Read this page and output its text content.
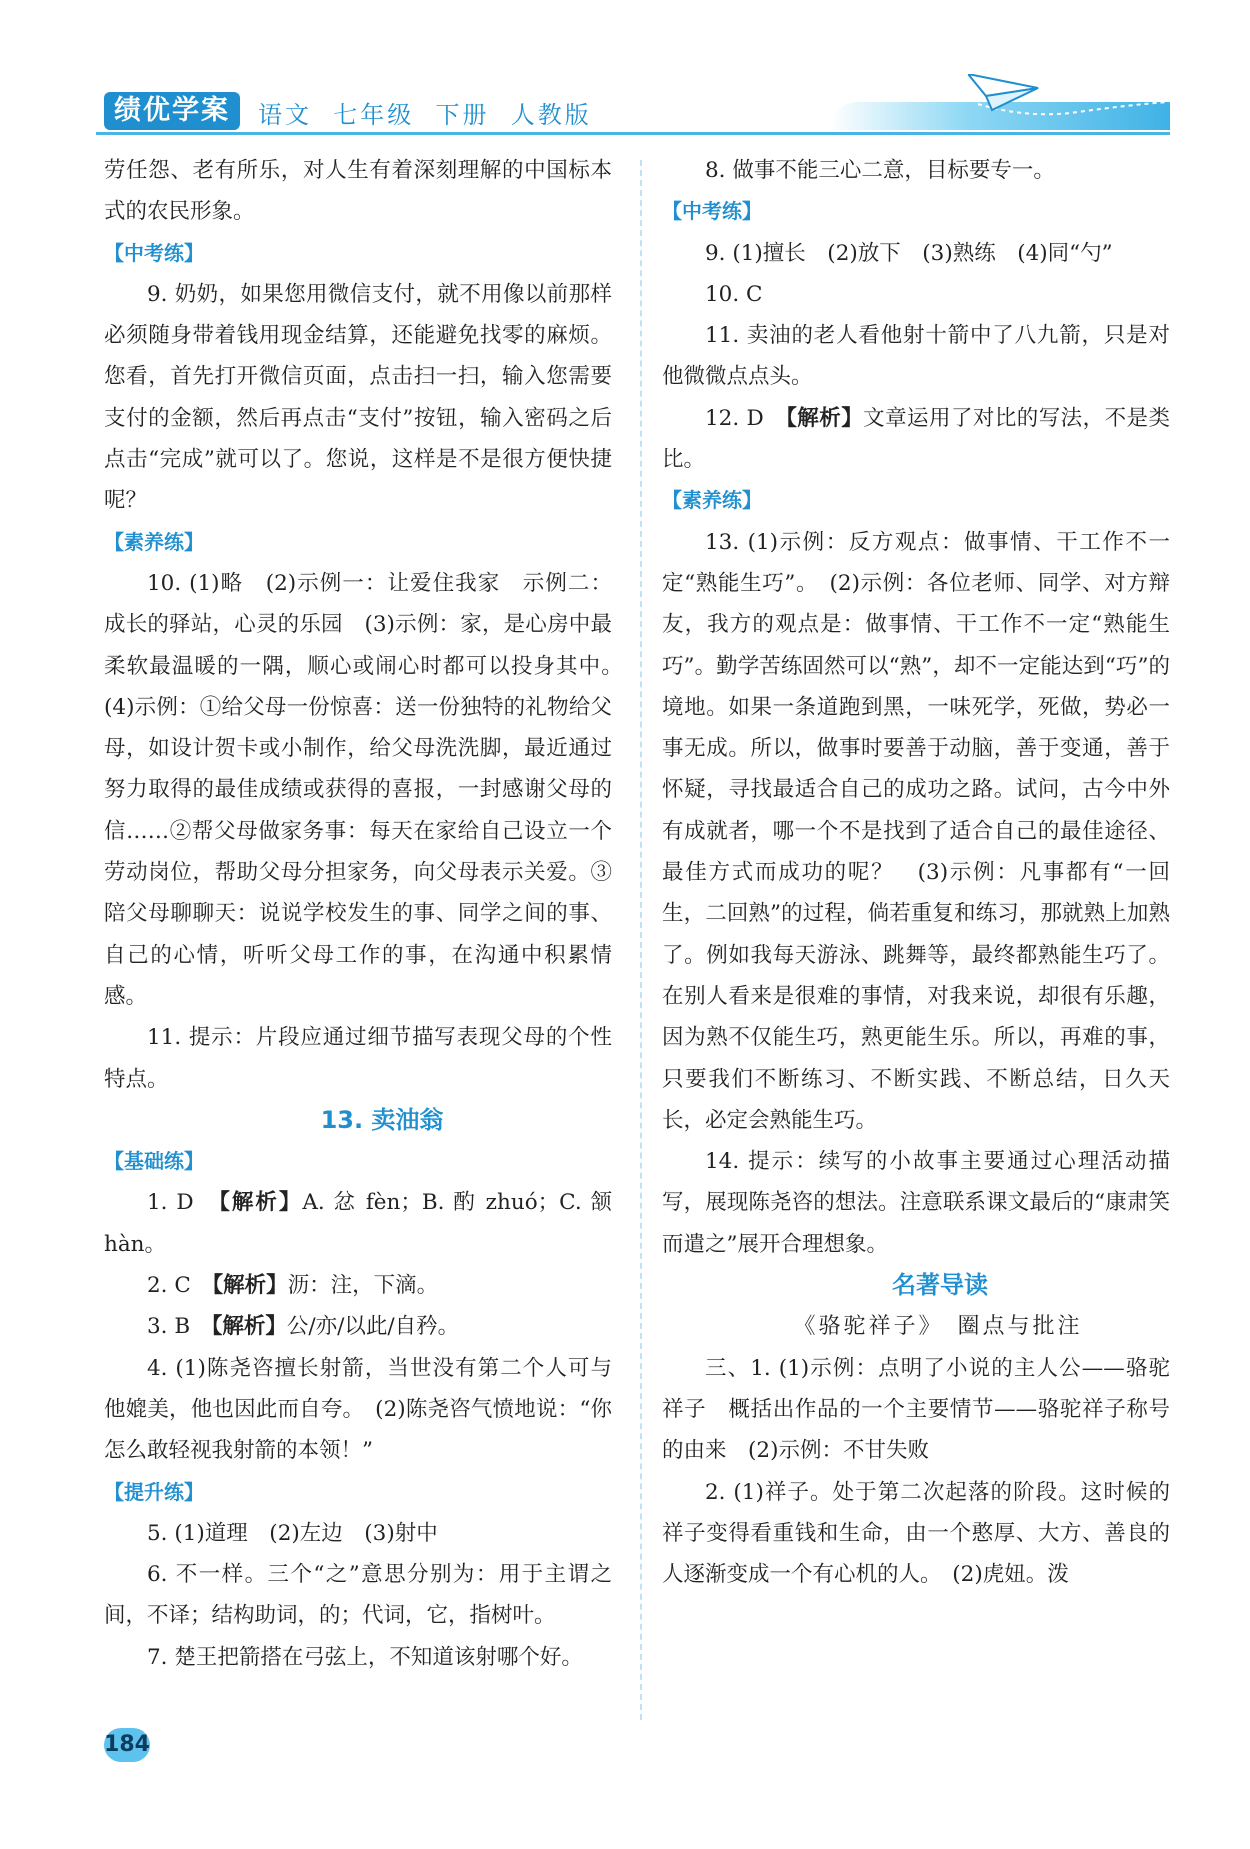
绩优学案	语文  七年级  下册  人教版

劳任怨、老有所乐，对人生有着深刻理解的中国标本式的农民形象。

【中考练】

9. 奶奶，如果您用微信支付，就不用像以前那样必须随身带着钱用现金结算，还能避免找零的麻烦。您看，首先打开微信页面，点击扫一扫，输入您需要支付的金额，然后再点击“支付”按钮，输入密码之后点击“完成”就可以了。您说，这样是不是很方便快捷呢？

【素养练】

10. (1)略　(2)示例一：让爱住我家　示例二：成长的驿站，心灵的乐园　(3)示例：家，是心房中最柔软最温暖的一隅，顺心或闹心时都可以投身其中。　(4)示例：①给父母一份惊喜：送一份独特的礼物给父母，如设计贺卡或小制作，给父母洗洗脚，最近通过努力取得的最佳成绩或获得的喜报，一封感谢父母的信……②帮父母做家务事：每天在家给自己设立一个劳动岗位，帮助父母分担家务，向父母表示关爱。③陪父母聊聊天：说说学校发生的事、同学之间的事、自己的心情，听听父母工作的事，在沟通中积累情感。

11. 提示：片段应通过细节描写表现父母的个性特点。

13. 卖油翁

【基础练】

1. D　【解析】A. 忿 fèn；B. 酌 zhuó；C. 颔 hàn。

2. C　【解析】沥：注，下滴。

3. B　【解析】公/亦/以此/自矜。

4. (1)陈尧咨擅长射箭，当世没有第二个人可与他媲美，他也因此而自夸。　(2)陈尧咨气愤地说：“你怎么敢轻视我射箭的本领！”

【提升练】

5. (1)道理　(2)左边　(3)射中

6. 不一样。三个“之”意思分别为：用于主谓之间，不译；结构助词，的；代词，它，指树叶。

7. 楚王把箭搭在弓弦上，不知道该射哪个好。

8. 做事不能三心二意，目标要专一。

【中考练】

9. (1)擅长　(2)放下　(3)熟练　(4)同“勺”

10. C

11. 卖油的老人看他射十箭中了八九箭，只是对他微微点点头。

12. D　【解析】文章运用了对比的写法，不是类比。

【素养练】

13. (1)示例：反方观点：做事情、干工作不一定“熟能生巧”。　(2)示例：各位老师、同学、对方辩友，我方的观点是：做事情、干工作不一定“熟能生巧”。勤学苦练固然可以“熟”，却不一定能达到“巧”的境地。如果一条道跑到黑，一味死学，死做，势必一事无成。所以，做事时要善于动脑，善于变通，善于怀疑，寻找最适合自己的成功之路。试问，古今中外有成就者，哪一个不是找到了适合自己的最佳途径、最佳方式而成功的呢？　(3)示例：凡事都有“一回生，二回熟”的过程，倘若重复和练习，那就熟上加熟了。例如我每天游泳、跳舞等，最终都熟能生巧了。在别人看来是很难的事情，对我来说，却很有乐趣，因为熟不仅能生巧，熟更能生乐。所以，再难的事，只要我们不断练习、不断实践、不断总结，日久天长，必定会熟能生巧。

14. 提示：续写的小故事主要通过心理活动描写，展现陈尧咨的想法。注意联系课文最后的“康肃笑而遣之”展开合理想象。

名著导读

《骆驼祥子》　圈点与批注

三、1. (1)示例：点明了小说的主人公——骆驼祥子　概括出作品的一个主要情节——骆驼祥子称号的由来　(2)示例：不甘失败

2. (1)祥子。处于第二次起落的阶段。这时候的祥子变得看重钱和生命，由一个憨厚、大方、善良的人逐渐变成一个有心机的人。　(2)虎妞。泼

184
